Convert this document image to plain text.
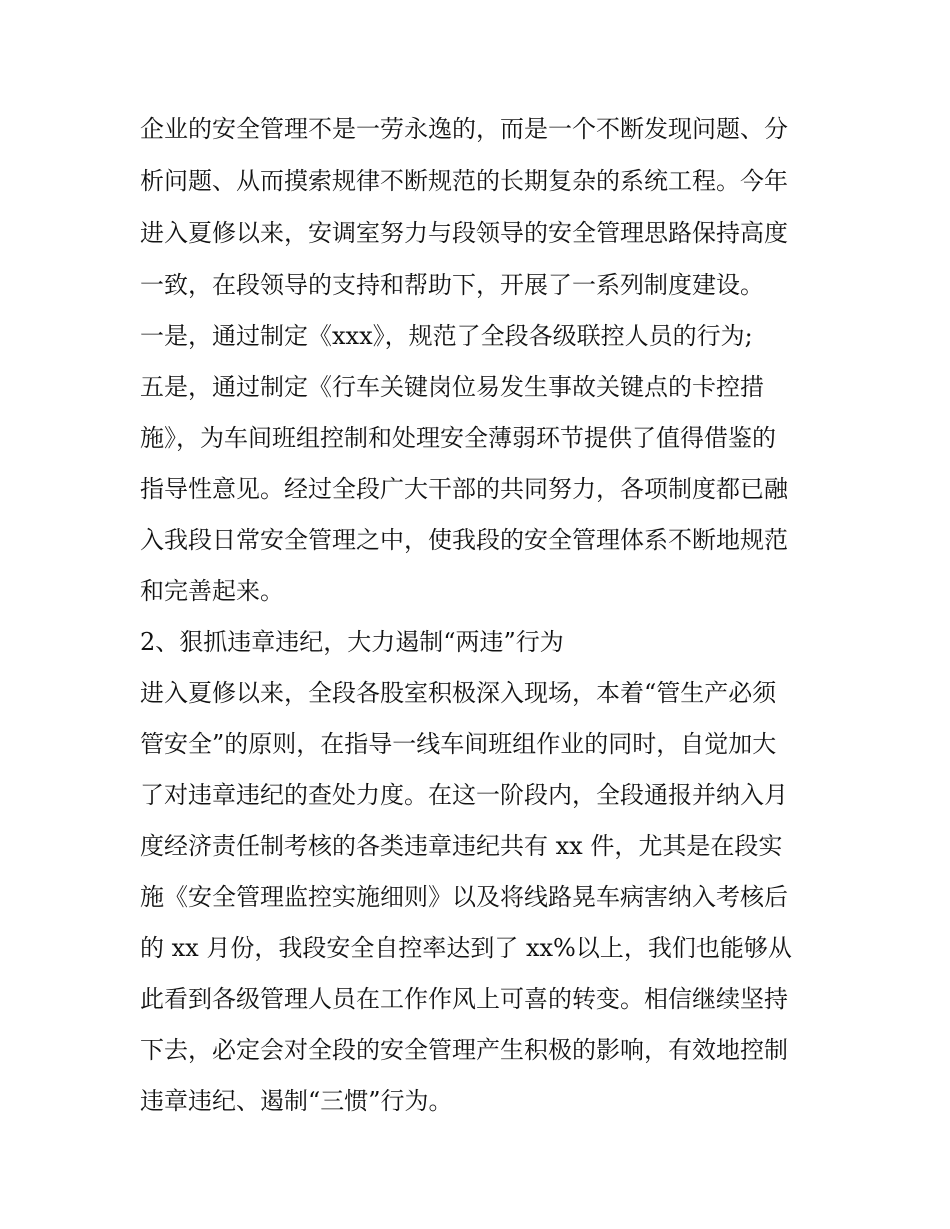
企业的安全管理不是一劳永逸的，而是一个不断发现问题、分
析问题、从而摸索规律不断规范的长期复杂的系统工程。今年
进入夏修以来，安调室努力与段领导的安全管理思路保持高度
一致，在段领导的支持和帮助下，开展了一系列制度建设。
一是，通过制定《xxx》，规范了全段各级联控人员的行为;
五是，通过制定《行车关键岗位易发生事故关键点的卡控措
施》，为车间班组控制和处理安全薄弱环节提供了值得借鉴的
指导性意见。经过全段广大干部的共同努力，各项制度都已融
入我段日常安全管理之中，使我段的安全管理体系不断地规范
和完善起来。
2、狠抓违章违纪，大力遏制“两违”行为
进入夏修以来，全段各股室积极深入现场，本着“管生产必须
管安全”的原则，在指导一线车间班组作业的同时，自觉加大
了对违章违纪的查处力度。在这一阶段内，全段通报并纳入月
度经济责任制考核的各类违章违纪共有 xx 件，尤其是在段实
施《安全管理监控实施细则》以及将线路晃车病害纳入考核后
的 xx 月份，我段安全自控率达到了 xx%以上，我们也能够从
此看到各级管理人员在工作作风上可喜的转变。相信继续坚持
下去，必定会对全段的安全管理产生积极的影响，有效地控制
违章违纪、遏制“三惯”行为。
